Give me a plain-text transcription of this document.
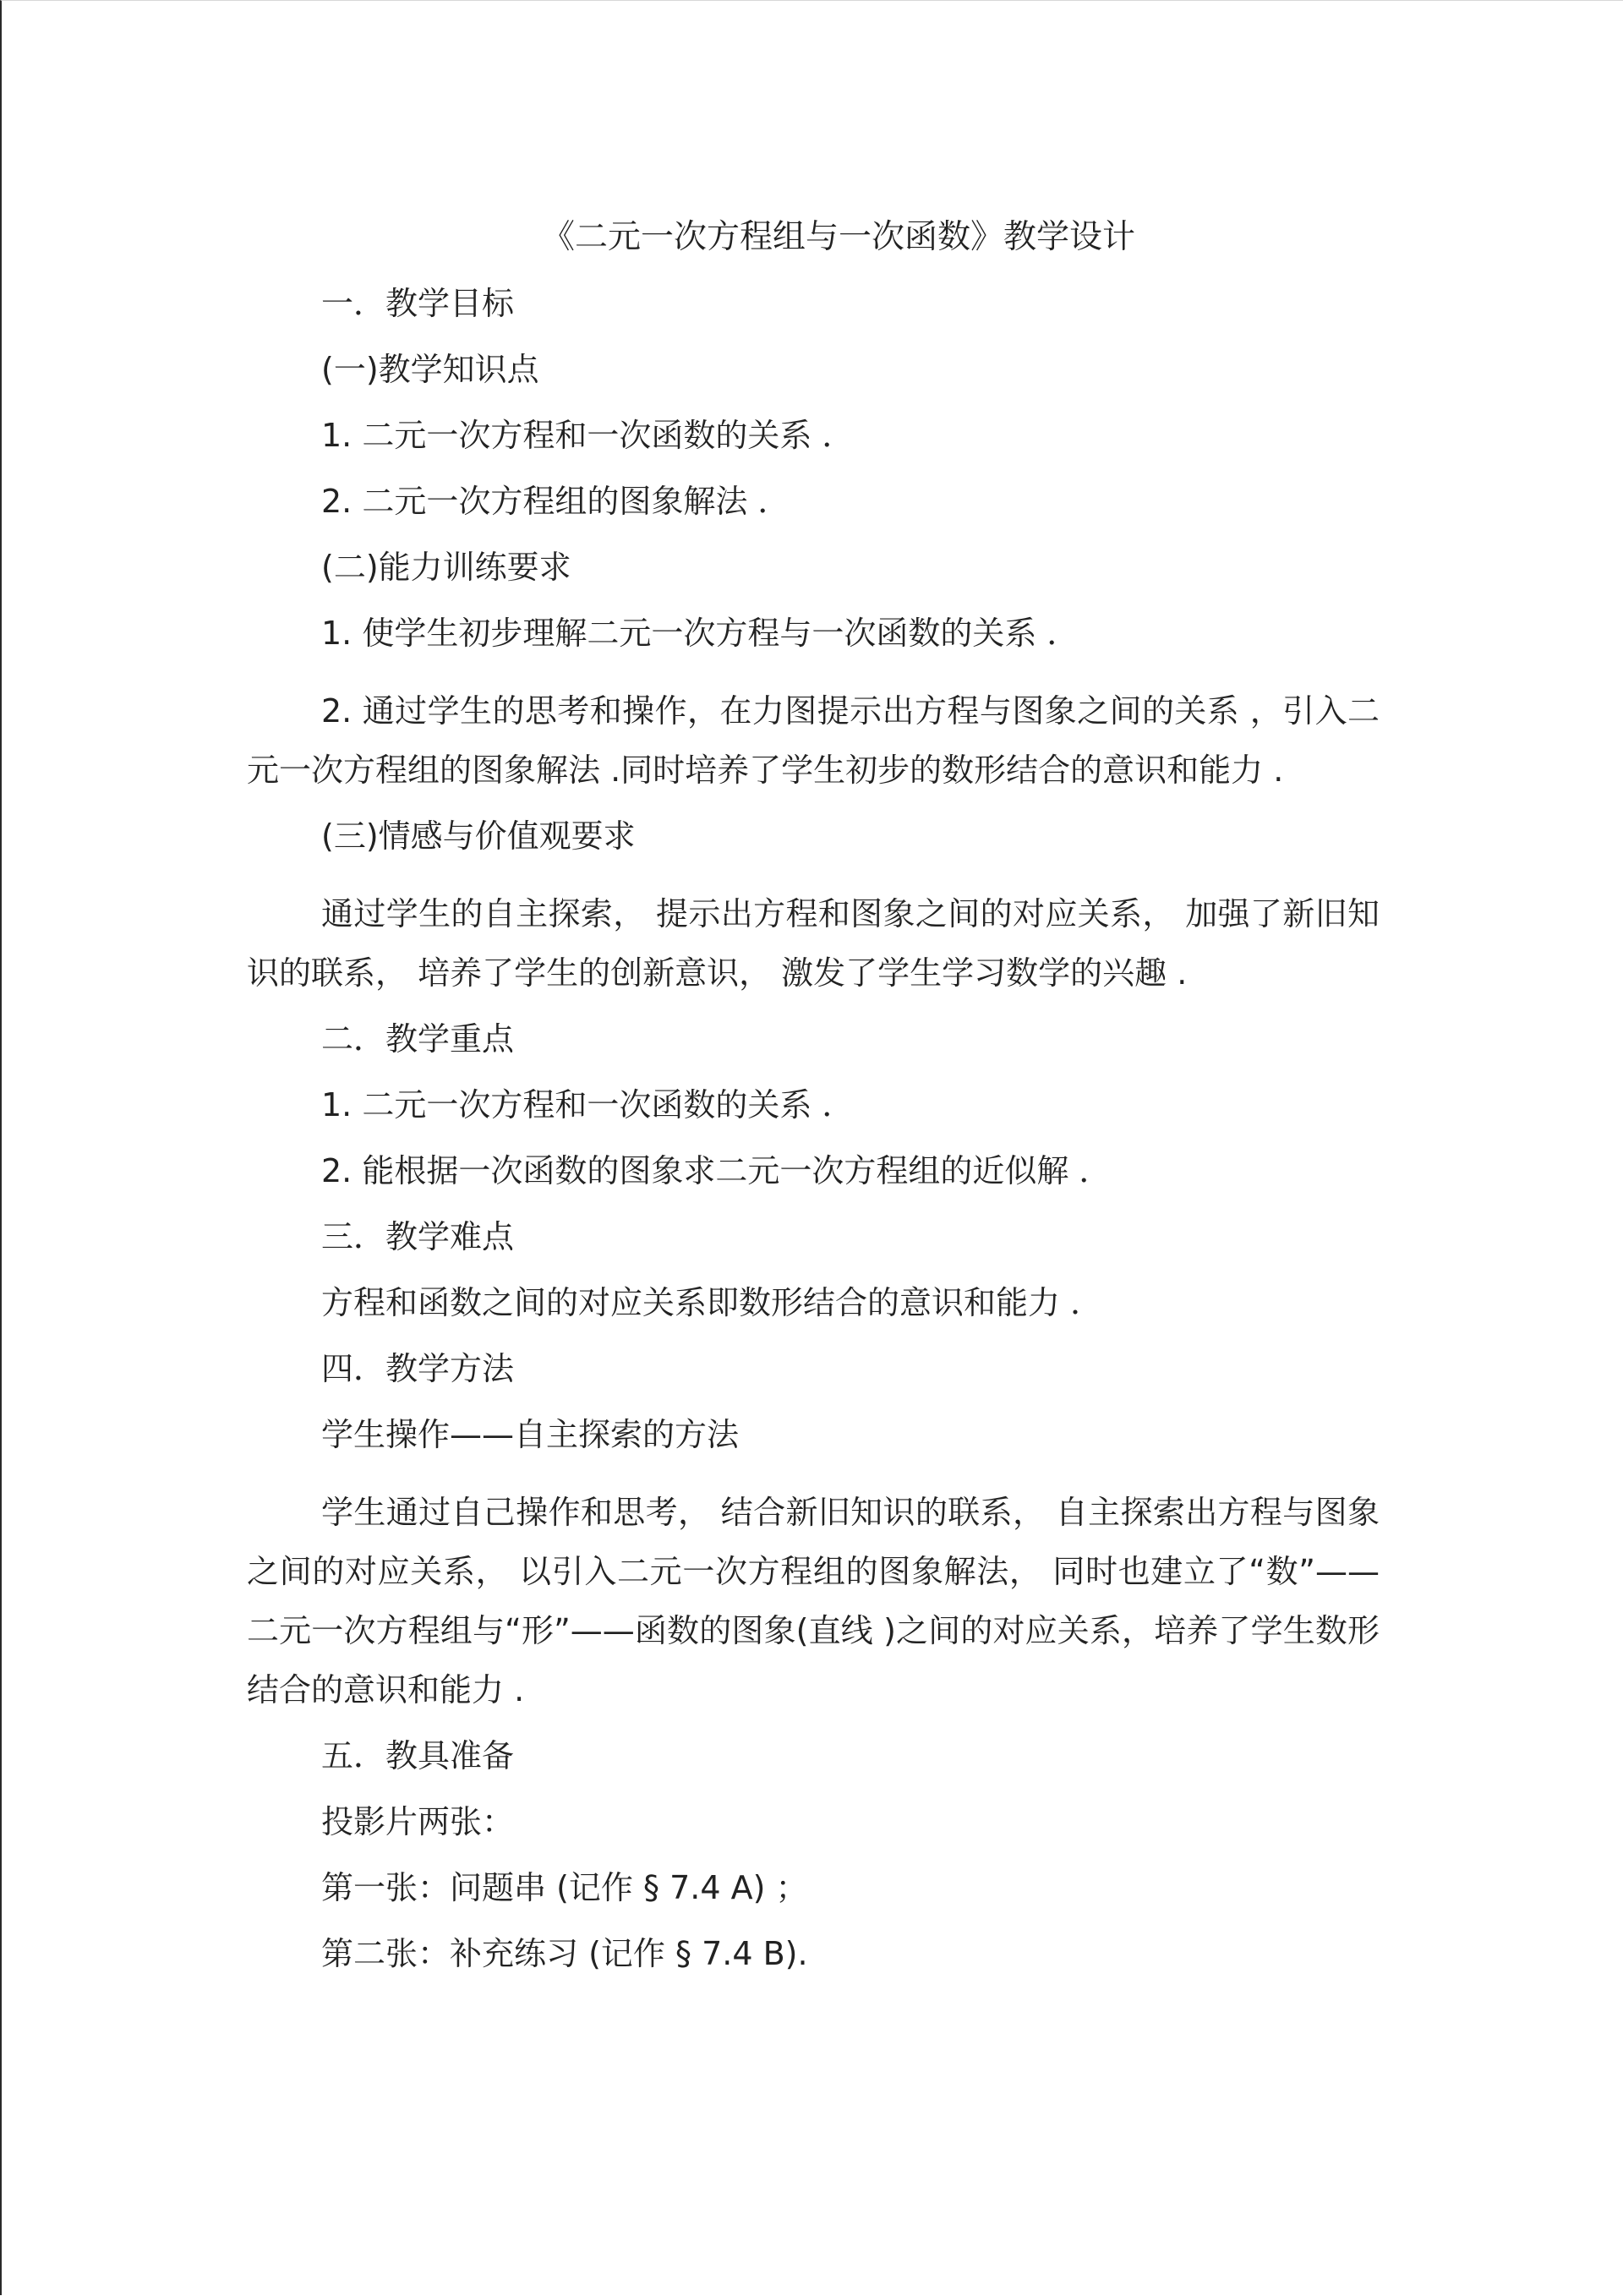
《二元一次方程组与一次函数》教学设计
一．教学目标
(一)教学知识点
1. 二元一次方程和一次函数的关系 ．
2. 二元一次方程组的图象解法 ．
(二)能力训练要求
1. 使学生初步理解二元一次方程与一次函数的关系 ．
2. 通过学生的思考和操作，在力图提示出方程与图象之间的关系 ，引入二元一次方程组的图象解法 .同时培养了学生初步的数形结合的意识和能力 .
(三)情感与价值观要求
通过学生的自主探索， 提示出方程和图象之间的对应关系， 加强了新旧知识的联系， 培养了学生的创新意识， 激发了学生学习数学的兴趣 .
二．教学重点
1. 二元一次方程和一次函数的关系 ．
2. 能根据一次函数的图象求二元一次方程组的近似解 ．
三．教学难点
方程和函数之间的对应关系即数形结合的意识和能力 ．
四．教学方法
学生操作——自主探索的方法
学生通过自己操作和思考， 结合新旧知识的联系， 自主探索出方程与图象之间的对应关系， 以引入二元一次方程组的图象解法， 同时也建立了“数”——二元一次方程组与“形”——函数的图象(直线 )之间的对应关系，培养了学生数形结合的意识和能力 .
五．教具准备
投影片两张：
第一张：问题串 (记作 § 7.4 A) ；
第二张：补充练习 (记作 § 7.4 B).
